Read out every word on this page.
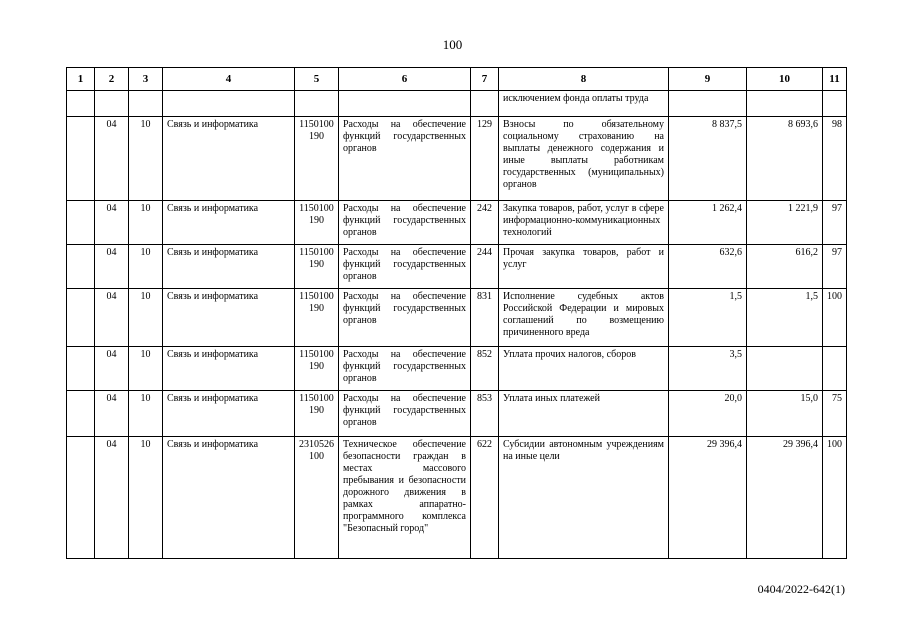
100
1	2	3	4	5	6	7	8	9	10	11
							исключением фонда оплаты труда			
	04	10	Связь и информатика	1150100190	Расходы на обеспечение функций государственных органов	129	Взносы по обязательному социальному страхованию на выплаты денежного содержания и иные выплаты работникам государственных (муниципальных) органов	8 837,5	8 693,6	98
	04	10	Связь и информатика	1150100190	Расходы на обеспечение функций государственных органов	242	Закупка товаров, работ, услуг в сфере информационно-коммуникационных технологий	1 262,4	1 221,9	97
	04	10	Связь и информатика	1150100190	Расходы на обеспечение функций государственных органов	244	Прочая закупка товаров, работ и услуг	632,6	616,2	97
	04	10	Связь и информатика	1150100190	Расходы на обеспечение функций государственных органов	831	Исполнение судебных актов Российской Федерации и мировых соглашений по возмещению причиненного вреда	1,5	1,5	100
	04	10	Связь и информатика	1150100190	Расходы на обеспечение функций государственных органов	852	Уплата прочих налогов, сборов	3,5		
	04	10	Связь и информатика	1150100190	Расходы на обеспечение функций государственных органов	853	Уплата иных платежей	20,0	15,0	75
	04	10	Связь и информатика	2310526100	Техническое обеспечение безопасности граждан в местах массового пребывания и безопасности дорожного движения в рамках аппаратно-программного комплекса "Безопасный город"	622	Субсидии автономным учреждениям на иные цели	29 396,4	29 396,4	100
0404/2022-642(1)
